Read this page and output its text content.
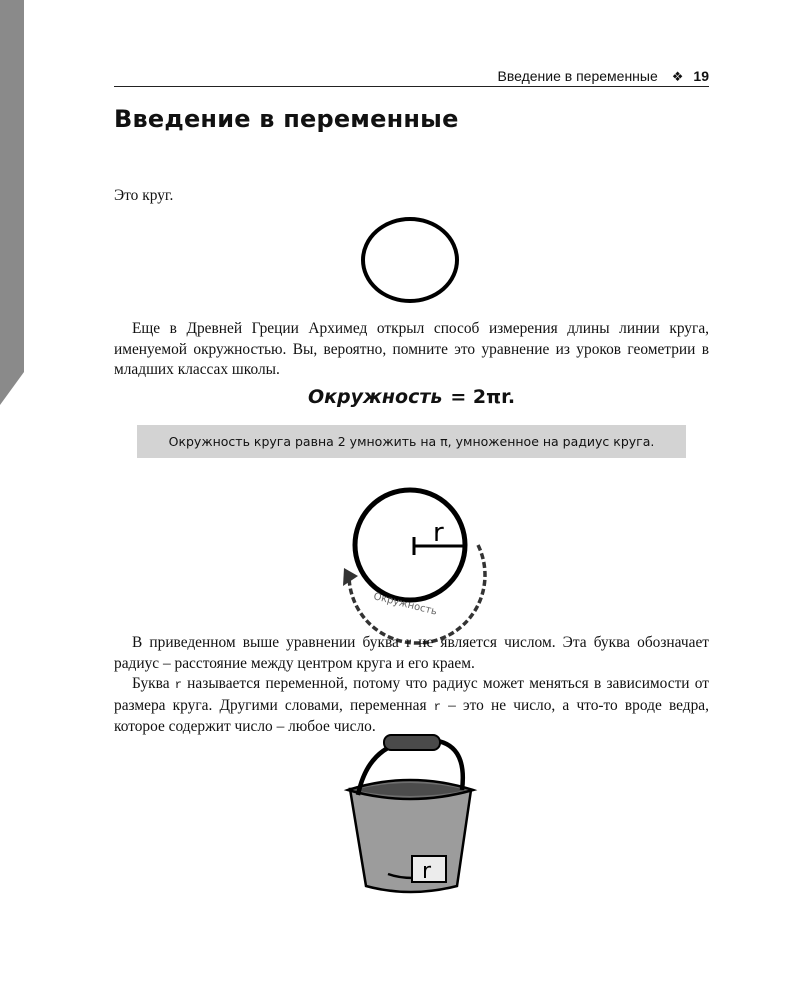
Введение в переменные ❖ 19
Введение в переменные

Это круг.

Еще в Древней Греции Архимед открыл способ измерения длины линии круга, именуемой окружностью. Вы, вероятно, помните это уравнение из уроков геометрии в младших классах школы.

Окружность = 2πr.
Окружность круга равна 2 умножить на π, умноженное на радиус круга.
r
Окружность

В приведенном выше уравнении буква r не является числом. Эта буква обозначает радиус – расстояние между центром круга и его краем.

Буква r называется переменной, потому что радиус может меняться в зависимости от размера круга. Другими словами, переменная r – это не число, а что-то вроде ведра, которое содержит число – любое число.

r
